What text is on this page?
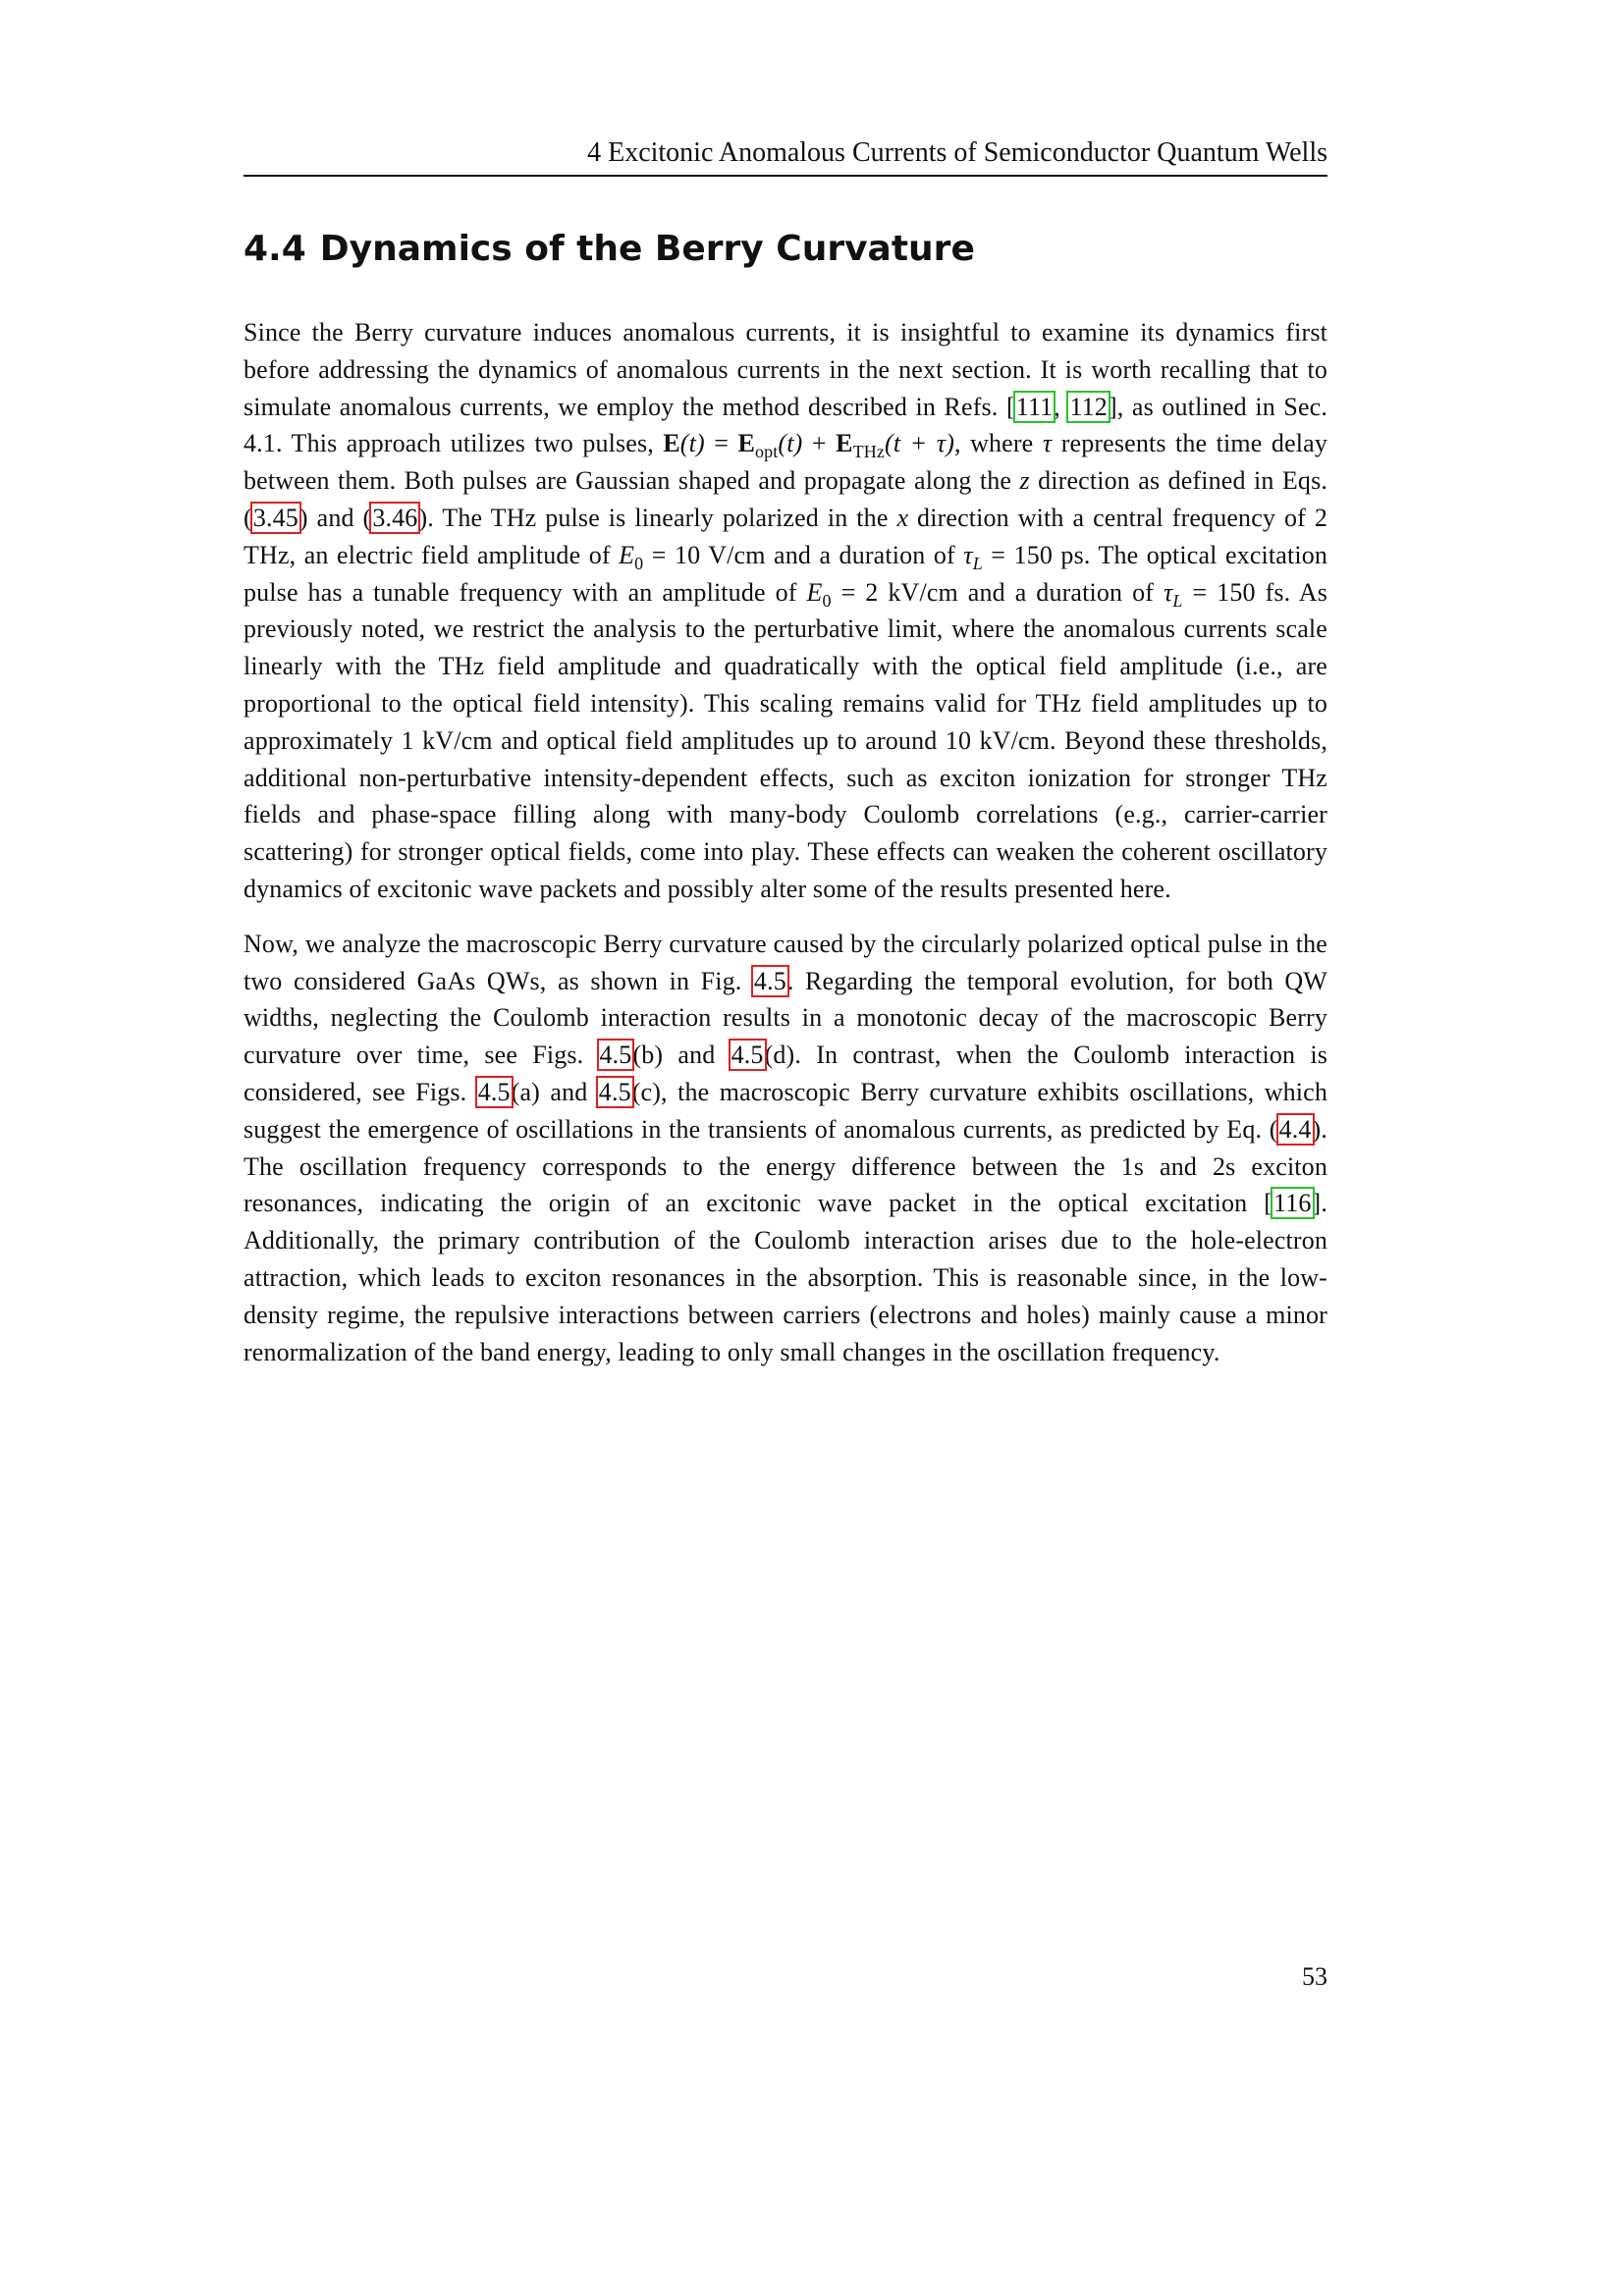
4 Excitonic Anomalous Currents of Semiconductor Quantum Wells
4.4 Dynamics of the Berry Curvature

Since the Berry curvature induces anomalous currents, it is insightful to examine its dynamics first before addressing the dynamics of anomalous currents in the next section. It is worth recalling that to simulate anomalous currents, we employ the method described in Refs. [111, 112], as outlined in Sec. 4.1. This approach utilizes two pulses, $E(t) = E_{opt}(t) + E_{THz}(t + \tau)$, where τ represents the time delay between them. Both pulses are Gaussian shaped and propagate along the z direction as defined in Eqs. (3.45) and (3.46). The THz pulse is linearly polarized in the x direction with a central frequency of 2 THz, an electric field amplitude of $E_0 = 10$ V/cm and a duration of $\tau_L = 150$ ps. The optical excitation pulse has a tunable frequency with an amplitude of $E_0 = 2$ kV/cm and a duration of $\tau_L = 150$ fs. As previously noted, we restrict the analysis to the perturbative limit, where the anomalous currents scale linearly with the THz field amplitude and quadratically with the optical field amplitude (i.e., are proportional to the optical field intensity). This scaling remains valid for THz field amplitudes up to approximately 1 kV/cm and optical field amplitudes up to around 10 kV/cm. Beyond these thresholds, additional non-perturbative intensity-dependent effects, such as exciton ionization for stronger THz fields and phase-space filling along with many-body Coulomb correlations (e.g., carrier-carrier scattering) for stronger optical fields, come into play. These effects can weaken the coherent oscillatory dynamics of excitonic wave packets and possibly alter some of the results presented here.

Now, we analyze the macroscopic Berry curvature caused by the circularly polarized optical pulse in the two considered GaAs QWs, as shown in Fig. 4.5. Regarding the temporal evolution, for both QW widths, neglecting the Coulomb interaction results in a monotonic decay of the macroscopic Berry curvature over time, see Figs. 4.5(b) and 4.5(d). In contrast, when the Coulomb interaction is considered, see Figs. 4.5(a) and 4.5(c), the macroscopic Berry curvature exhibits oscillations, which suggest the emergence of oscillations in the transients of anomalous currents, as predicted by Eq. (4.4). The oscillation frequency corresponds to the energy difference between the 1s and 2s exciton resonances, indicating the origin of an excitonic wave packet in the optical excitation [116]. Additionally, the primary contribution of the Coulomb interaction arises due to the hole-electron attraction, which leads to exciton resonances in the absorption. This is reasonable since, in the low-density regime, the repulsive interactions between carriers (electrons and holes) mainly cause a minor renormalization of the band energy, leading to only small changes in the oscillation frequency.

53
